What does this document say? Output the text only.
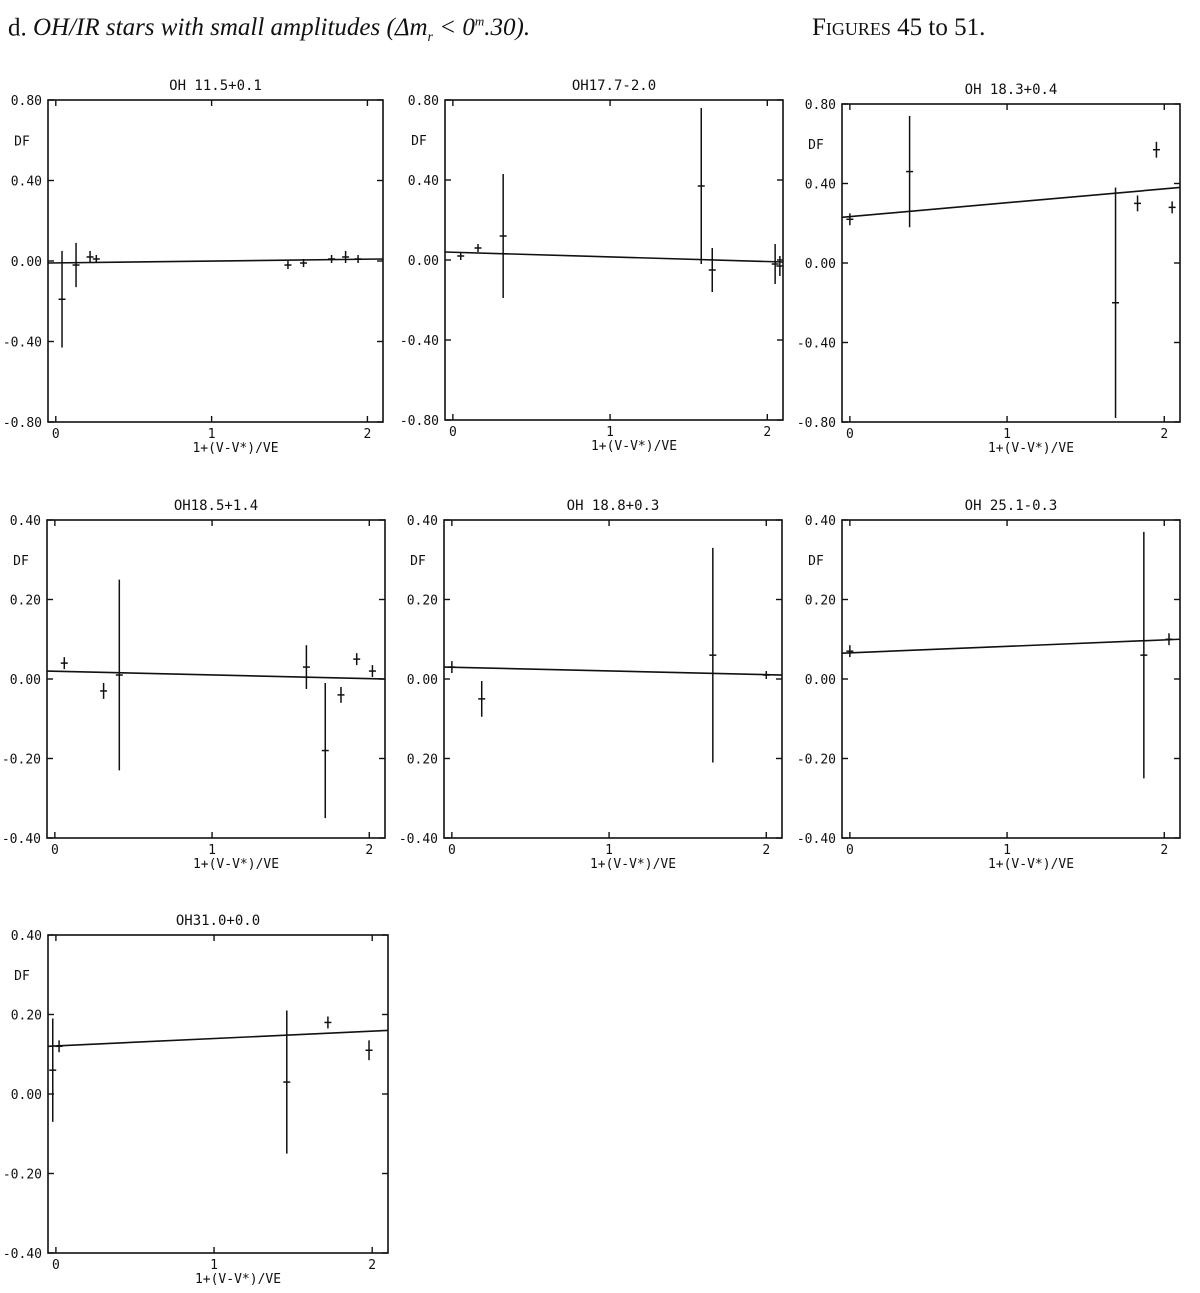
d. OH/IR stars with small amplitudes $(\Delta m_r < 0^m.30)$.	Figures 45 to 51.
OH 11.5+0.1
0.80
0.40
0.00
-0.40
-0.80
DF
0	1	2
1+(V-V*)/VE
OH17.7-2.0
0.80
0.40
0.00
-0.40
-0.80
DF
0	1	2
1+(V-V*)/VE
OH 18.3+0.4
0.80
0.40
0.00
-0.40
-0.80
DF
0	1	2
1+(V-V*)/VE
OH18.5+1.4
0.40
0.20
0.00
-0.20
-0.40
DF
0	1	2
1+(V-V*)/VE
OH 18.8+0.3
0.40
0.20
0.00
0.20
-0.40
DF
0	1	2
1+(V-V*)/VE
OH 25.1-0.3
0.40
0.20
0.00
-0.20
-0.40
DF
0	1	2
1+(V-V*)/VE
OH31.0+0.0
0.40
0.20
0.00
-0.20
-0.40
DF
0	1	2
1+(V-V*)/VE
